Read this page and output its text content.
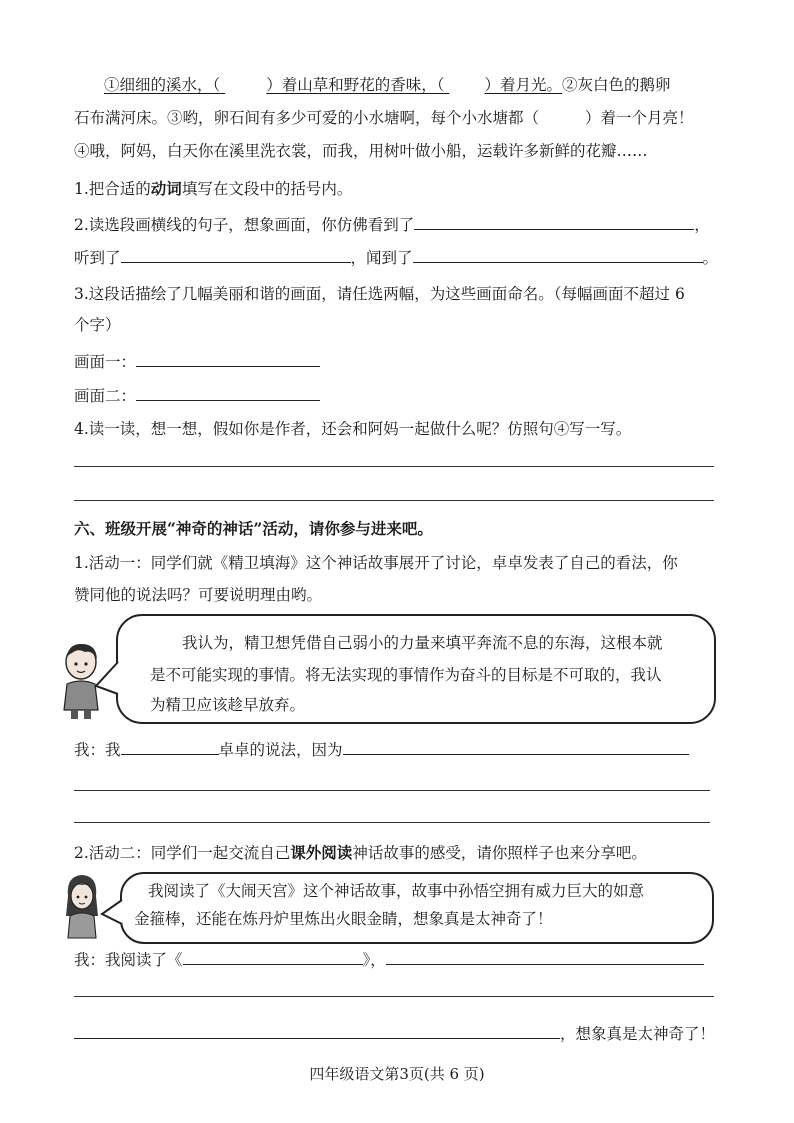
①细细的溪水，（	）着山草和野花的香味，（	）着月光。②灰白色的鹅卵
石布满河床。③哟，卵石间有多少可爱的小水塘啊，每个小水塘都（	）着一个月亮！
④哦，阿妈，白天你在溪里洗衣裳，而我，用树叶做小船，运载许多新鲜的花瓣……
1.把合适的动词填写在文段中的括号内。
2.读选段画横线的句子，想象画面，你仿佛看到了	，
听到了	，闻到了	。
3.这段话描绘了几幅美丽和谐的画面，请任选两幅，为这些画面命名。（每幅画面不超过 6
个字）
画面一：
画面二：
4.读一读，想一想，假如你是作者，还会和阿妈一起做什么呢？仿照句④写一写。
六、班级开展“神奇的神话”活动，请你参与进来吧。
1.活动一：同学们就《精卫填海》这个神话故事展开了讨论，卓卓发表了自己的看法，你
赞同他的说法吗？可要说明理由哟。
我认为，精卫想凭借自己弱小的力量来填平奔流不息的东海，这根本就
是不可能实现的事情。将无法实现的事情作为奋斗的目标是不可取的，我认
为精卫应该趁早放弃。
我：我	卓卓的说法，因为
2.活动二：同学们一起交流自己课外阅读神话故事的感受，请你照样子也来分享吧。
我阅读了《大闹天宫》这个神话故事，故事中孙悟空拥有威力巨大的如意
金箍棒，还能在炼丹炉里炼出火眼金睛，想象真是太神奇了！
我：我阅读了《	》，
，想象真是太神奇了！
四年级语文第3页(共 6 页)
